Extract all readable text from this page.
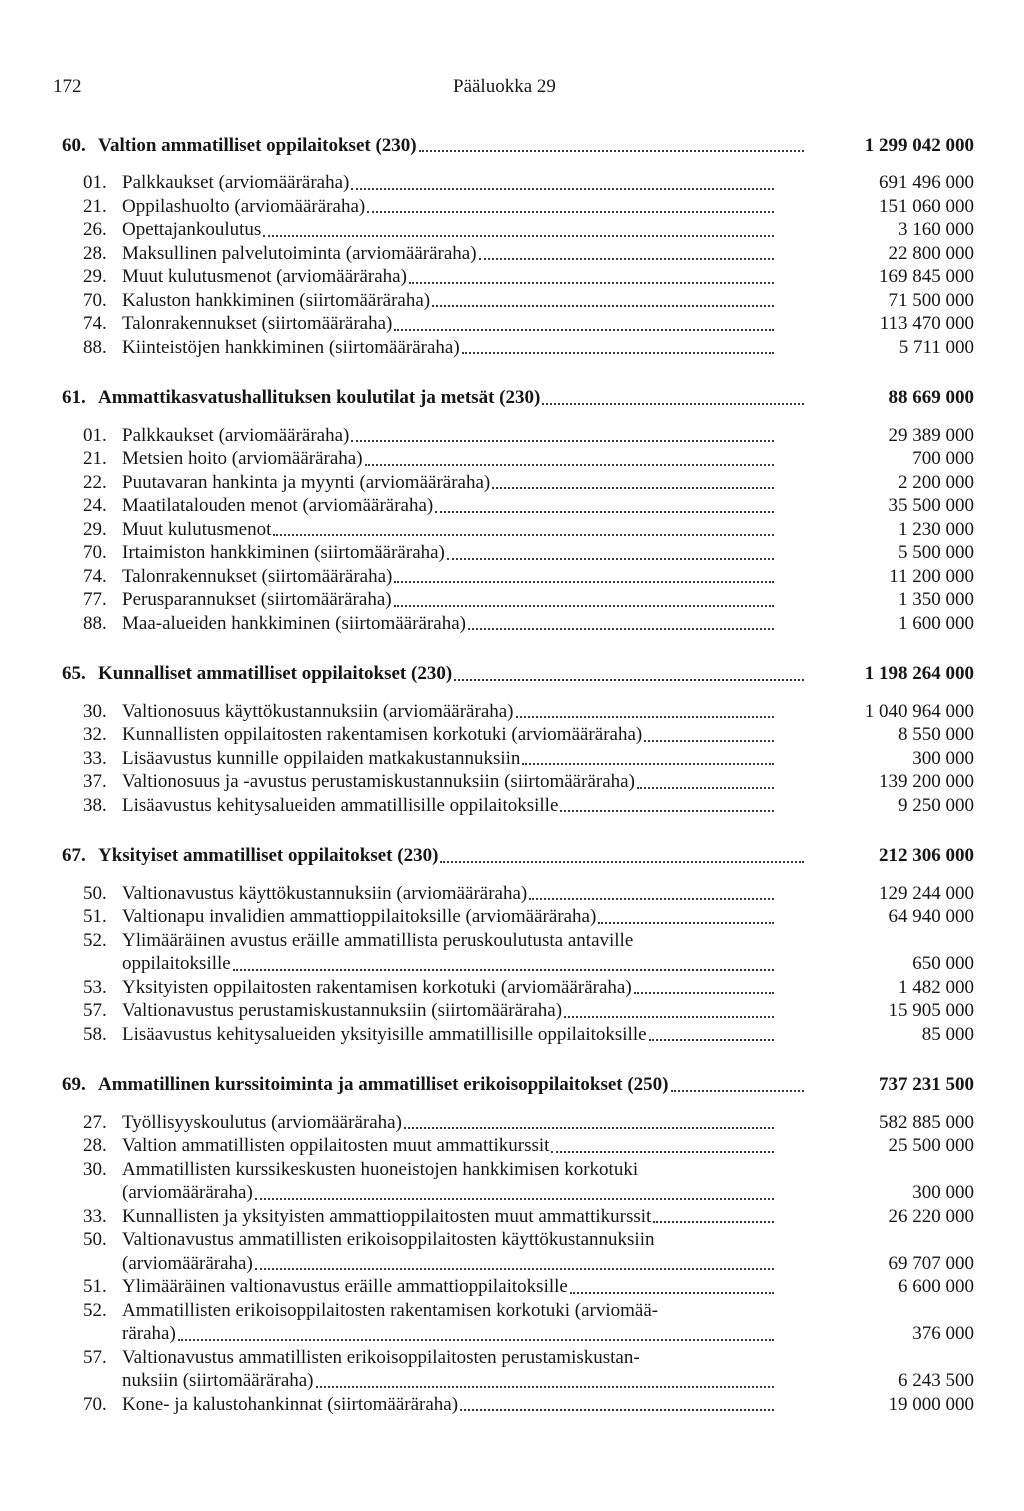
172	Pääluokka 29
60. Valtion ammatilliset oppilaitokset (230)	1 299 042 000
01. Palkkaukset (arviomääräraha)	691 496 000
21. Oppilashuolto (arviomääräraha)	151 060 000
26. Opettajankoulutus	3 160 000
28. Maksullinen palvelutoiminta (arviomääräraha)	22 800 000
29. Muut kulutusmenot (arviomääräraha)	169 845 000
70. Kaluston hankkiminen (siirtomääräraha)	71 500 000
74. Talonrakennukset (siirtomääräraha)	113 470 000
88. Kiinteistöjen hankkiminen (siirtomääräraha)	5 711 000
61. Ammattikasvatushallituksen koulutilat ja metsät (230)	88 669 000
01. Palkkaukset (arviomääräraha)	29 389 000
21. Metsien hoito (arviomääräraha)	700 000
22. Puutavaran hankinta ja myynti (arviomääräraha)	2 200 000
24. Maatilatalouden menot (arviomääräraha)	35 500 000
29. Muut kulutusmenot	1 230 000
70. Irtaimiston hankkiminen (siirtomääräraha)	5 500 000
74. Talonrakennukset (siirtomääräraha)	11 200 000
77. Perusparannukset (siirtomääräraha)	1 350 000
88. Maa-alueiden hankkiminen (siirtomääräraha)	1 600 000
65. Kunnalliset ammatilliset oppilaitokset (230)	1 198 264 000
30. Valtionosuus käyttökustannuksiin (arviomääräraha)	1 040 964 000
32. Kunnallisten oppilaitosten rakentamisen korkotuki (arviomääräraha)	8 550 000
33. Lisäavustus kunnille oppilaiden matkakustannuksiin	300 000
37. Valtionosuus ja -avustus perustamiskustannuksiin (siirtomääräraha)	139 200 000
38. Lisäavustus kehitysalueiden ammatillisille oppilaitoksille	9 250 000
67. Yksityiset ammatilliset oppilaitokset (230)	212 306 000
50. Valtionavustus käyttökustannuksiin (arviomääräraha)	129 244 000
51. Valtionapu invalidien ammattioppilaitoksille (arviomääräraha)	64 940 000
52. Ylimääräinen avustus eräille ammatillista peruskoulutusta antaville
oppilaitoksille	650 000
53. Yksityisten oppilaitosten rakentamisen korkotuki (arviomääräraha)	1 482 000
57. Valtionavustus perustamiskustannuksiin (siirtomääräraha)	15 905 000
58. Lisäavustus kehitysalueiden yksityisille ammatillisille oppilaitoksille	85 000
69. Ammatillinen kurssitoiminta ja ammatilliset erikoisoppilaitokset (250)	737 231 500
27. Työllisyyskoulutus (arviomääräraha)	582 885 000
28. Valtion ammatillisten oppilaitosten muut ammattikurssit	25 500 000
30. Ammatillisten kurssikeskusten huoneistojen hankkimisen korkotuki
(arviomääräraha)	300 000
33. Kunnallisten ja yksityisten ammattioppilaitosten muut ammattikurssit	26 220 000
50. Valtionavustus ammatillisten erikoisoppilaitosten käyttökustannuksiin
(arviomääräraha)	69 707 000
51. Ylimääräinen valtionavustus eräille ammattioppilaitoksille	6 600 000
52. Ammatillisten erikoisoppilaitosten rakentamisen korkotuki (arviomää-
räraha)	376 000
57. Valtionavustus ammatillisten erikoisoppilaitosten perustamiskustan-
nuksiin (siirtomääräraha)	6 243 500
70. Kone- ja kalustohankinnat (siirtomääräraha)	19 000 000
